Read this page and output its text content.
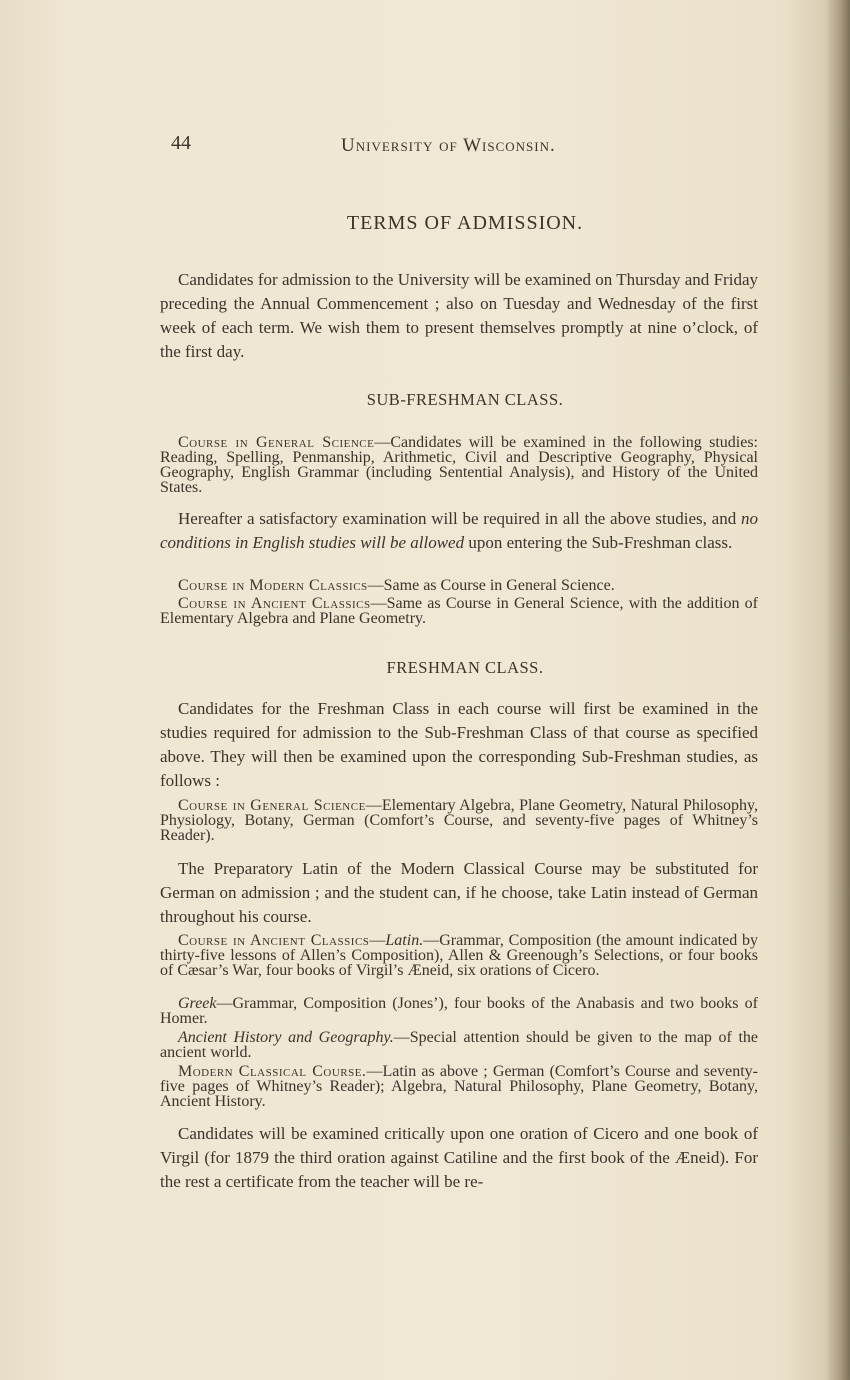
44	University of Wisconsin.
TERMS OF ADMISSION.

Candidates for admission to the University will be examined on Thursday and Friday preceding the Annual Commencement ; also on Tuesday and Wednesday of the first week of each term. We wish them to present themselves promptly at nine o’clock, of the first day.

SUB-FRESHMAN CLASS.

Course in General Science—Candidates will be examined in the following studies: Reading, Spelling, Penmanship, Arithmetic, Civil and Descriptive Geography, Physical Geography, English Grammar (including Sentential Analysis), and History of the United States.

Hereafter a satisfactory examination will be required in all the above studies, and no conditions in English studies will be allowed upon entering the Sub-Freshman class.

Course in Modern Classics—Same as Course in General Science.

Course in Ancient Classics—Same as Course in General Science, with the addition of Elementary Algebra and Plane Geometry.

FRESHMAN CLASS.

Candidates for the Freshman Class in each course will first be examined in the studies required for admission to the Sub-Freshman Class of that course as specified above. They will then be examined upon the corresponding Sub-Freshman studies, as follows :

Course in General Science—Elementary Algebra, Plane Geometry, Natural Philosophy, Physiology, Botany, German (Comfort’s Course, and seventy-five pages of Whitney’s Reader).

The Preparatory Latin of the Modern Classical Course may be substituted for German on admission ; and the student can, if he choose, take Latin instead of German throughout his course.

Course in Ancient Classics—Latin.—Grammar, Composition (the amount indicated by thirty-five lessons of Allen’s Composition), Allen & Greenough’s Selections, or four books of Cæsar’s War, four books of Virgil’s Æneid, six orations of Cicero.

Greek—Grammar, Composition (Jones’), four books of the Anabasis and two books of Homer.

Ancient History and Geography.—Special attention should be given to the map of the ancient world.

Modern Classical Course.—Latin as above ; German (Comfort’s Course and seventy-five pages of Whitney’s Reader); Algebra, Natural Philosophy, Plane Geometry, Botany, Ancient History.

Candidates will be examined critically upon one oration of Cicero and one book of Virgil (for 1879 the third oration against Catiline and the first book of the Æneid). For the rest a certificate from the teacher will be re-
